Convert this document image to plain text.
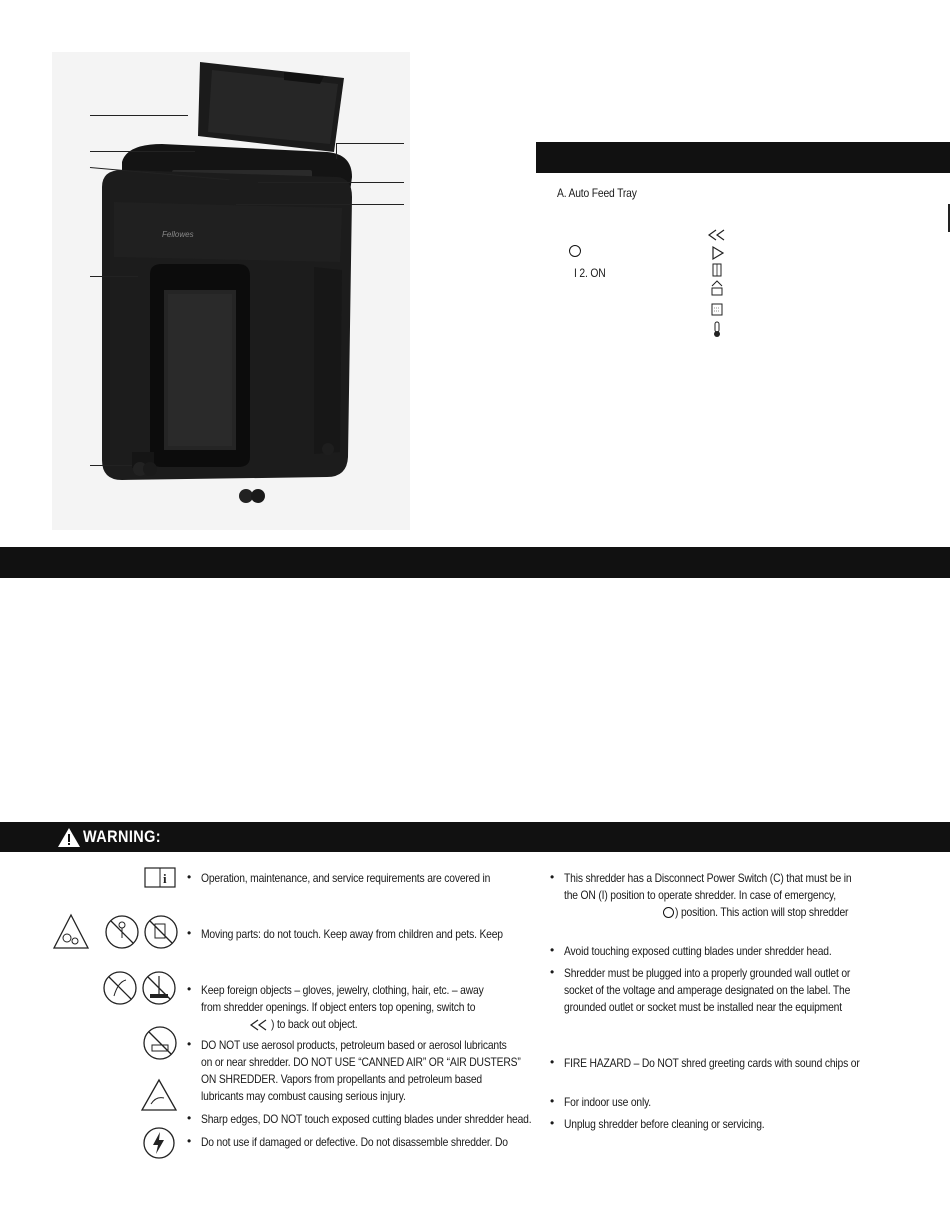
Fellowes
A. Auto Feed Tray
I 2. ON
WARNING:
i • Operation, maintenance, and service requirements are covered in
• Moving parts: do not touch. Keep away from children and pets. Keep
• Keep foreign objects – gloves, jewelry, clothing, hair, etc. – away
from shredder openings. If object enters top opening, switch to
) to back out object.
• DO NOT use aerosol products, petroleum based or aerosol lubricants
on or near shredder. DO NOT USE “CANNED AIR” OR “AIR DUSTERS”
ON SHREDDER. Vapors from propellants and petroleum based
lubricants may combust causing serious injury.
• Sharp edges, DO NOT touch exposed cutting blades under shredder head.
• Do not use if damaged or defective. Do not disassemble shredder. Do
• This shredder has a Disconnect Power Switch (C) that must be in
the ON (I) position to operate shredder. In case of emergency,
) position. This action will stop shredder
• Avoid touching exposed cutting blades under shredder head.
• Shredder must be plugged into a properly grounded wall outlet or
socket of the voltage and amperage designated on the label. The
grounded outlet or socket must be installed near the equipment
• FIRE HAZARD – Do NOT shred greeting cards with sound chips or
• For indoor use only.
• Unplug shredder before cleaning or servicing.
